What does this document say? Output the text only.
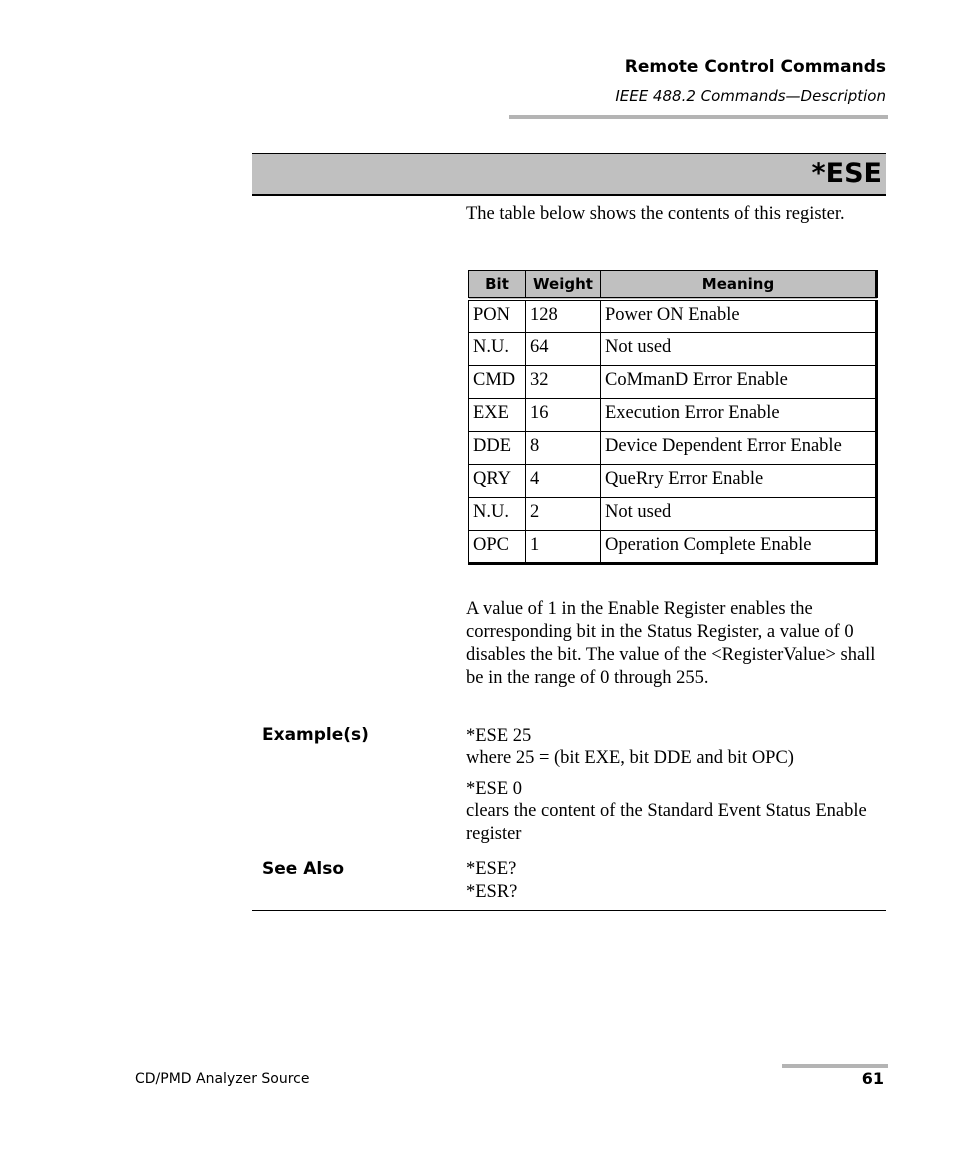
Remote Control Commands
IEEE 488.2 Commands—Description
*ESE

The table below shows the contents of this register.

Bit	Weight	Meaning
PON	128	Power ON Enable
N.U.	64	Not used
CMD	32	CoMmanD Error Enable
EXE	16	Execution Error Enable
DDE	8	Device Dependent Error Enable
QRY	4	QueRry Error Enable
N.U.	2	Not used
OPC	1	Operation Complete Enable

A value of 1 in the Enable Register enables the corresponding bit in the Status Register, a value of 0 disables the bit. The value of the <RegisterValue> shall be in the range of 0 through 255.

Example(s)	*ESE 25

where 25 = (bit EXE, bit DDE and bit OPC)

*ESE 0

clears the content of the Standard Event Status Enable register

See Also	*ESE?

*ESR?

CD/PMD Analyzer Source	61
